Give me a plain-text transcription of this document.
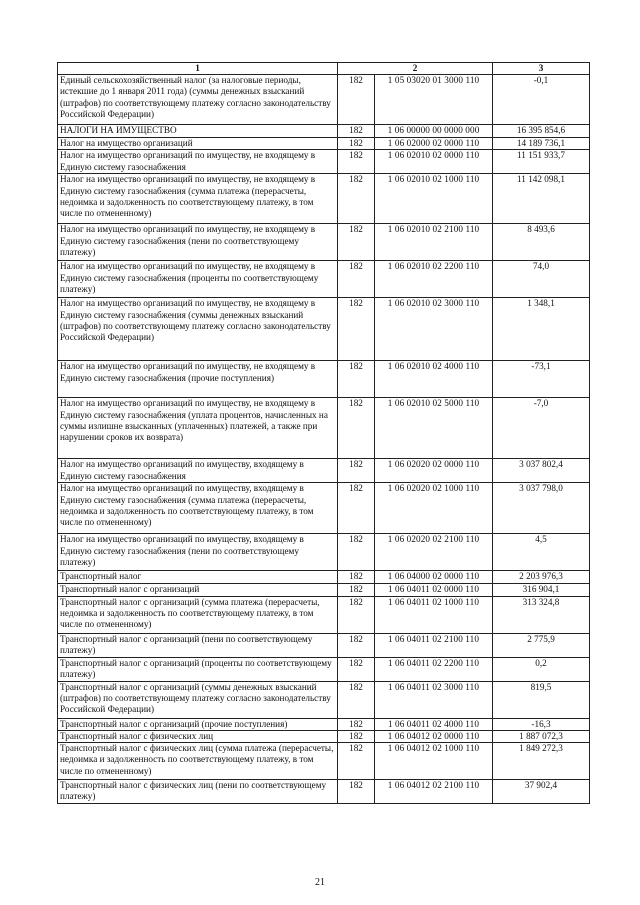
1	2		3
Единый сельскохозяйственный налог (за налоговые периоды, истекшие до 1 января 2011 года) (суммы денежных взысканий (штрафов) по соответствующему платежу согласно законодательству Российской Федерации)	182	1 05 03020 01 3000 110	-0,1
НАЛОГИ НА ИМУЩЕСТВО	182	1 06 00000 00 0000 000	16 395 854,6
Налог на имущество организаций	182	1 06 02000 02 0000 110	14 189 736,1
Налог на имущество организаций по имуществу, не входящему в Единую систему газоснабжения	182	1 06 02010 02 0000 110	11 151 933,7
Налог на имущество организаций по имуществу, не входящему в Единую систему газоснабжения (сумма платежа (перерасчеты, недоимка и задолженность по соответствующему платежу, в том числе по отмененному)	182	1 06 02010 02 1000 110	11 142 098,1
Налог на имущество организаций по имуществу, не входящему в Единую систему газоснабжения (пени по соответствующему платежу)	182	1 06 02010 02 2100 110	8 493,6
Налог на имущество организаций по имуществу, не входящему в Единую систему газоснабжения (проценты по соответствующему платежу)	182	1 06 02010 02 2200 110	74,0
Налог на имущество организаций по имуществу, не входящему в Единую систему газоснабжения (суммы денежных взысканий (штрафов) по соответствующему платежу согласно законодательству Российской Федерации)	182	1 06 02010 02 3000 110	1 348,1
Налог на имущество организаций по имуществу, не входящему в Единую систему газоснабжения (прочие поступления)	182	1 06 02010 02 4000 110	-73,1
Налог на имущество организаций по имуществу, не входящему в Единую систему газоснабжения (уплата процентов, начисленных на суммы излишне взысканных (уплаченных) платежей, а также при нарушении сроков их возврата)	182	1 06 02010 02 5000 110	-7,0
Налог на имущество организаций по имуществу, входящему в Единую систему газоснабжения	182	1 06 02020 02 0000 110	3 037 802,4
Налог на имущество организаций по имуществу, входящему в Единую систему газоснабжения (сумма платежа (перерасчеты, недоимка и задолженность по соответствующему платежу, в том числе по отмененному)	182	1 06 02020 02 1000 110	3 037 798,0
Налог на имущество организаций по имуществу, входящему в Единую систему газоснабжения (пени по соответствующему платежу)	182	1 06 02020 02 2100 110	4,5
Транспортный налог	182	1 06 04000 02 0000 110	2 203 976,3
Транспортный налог с организаций	182	1 06 04011 02 0000 110	316 904,1
Транспортный налог с организаций (сумма платежа (перерасчеты, недоимка и задолженность по соответствующему платежу, в том числе по отмененному)	182	1 06 04011 02 1000 110	313 324,8
Транспортный налог с организаций (пени по соответствующему платежу)	182	1 06 04011 02 2100 110	2 775,9
Транспортный налог с организаций (проценты по соответствующему платежу)	182	1 06 04011 02 2200 110	0,2
Транспортный налог с организаций (суммы денежных взысканий (штрафов) по соответствующему платежу согласно законодательству Российской Федерации)	182	1 06 04011 02 3000 110	819,5
Транспортный налог с организаций (прочие поступления)	182	1 06 04011 02 4000 110	-16,3
Транспортный налог с физических лиц	182	1 06 04012 02 0000 110	1 887 072,3
Транспортный налог с физических лиц (сумма платежа (перерасчеты, недоимка и задолженность по соответствующему платежу, в том числе по отмененному)	182	1 06 04012 02 1000 110	1 849 272,3
Транспортный налог с физических лиц (пени по соответствующему платежу)	182	1 06 04012 02 2100 110	37 902,4
21
